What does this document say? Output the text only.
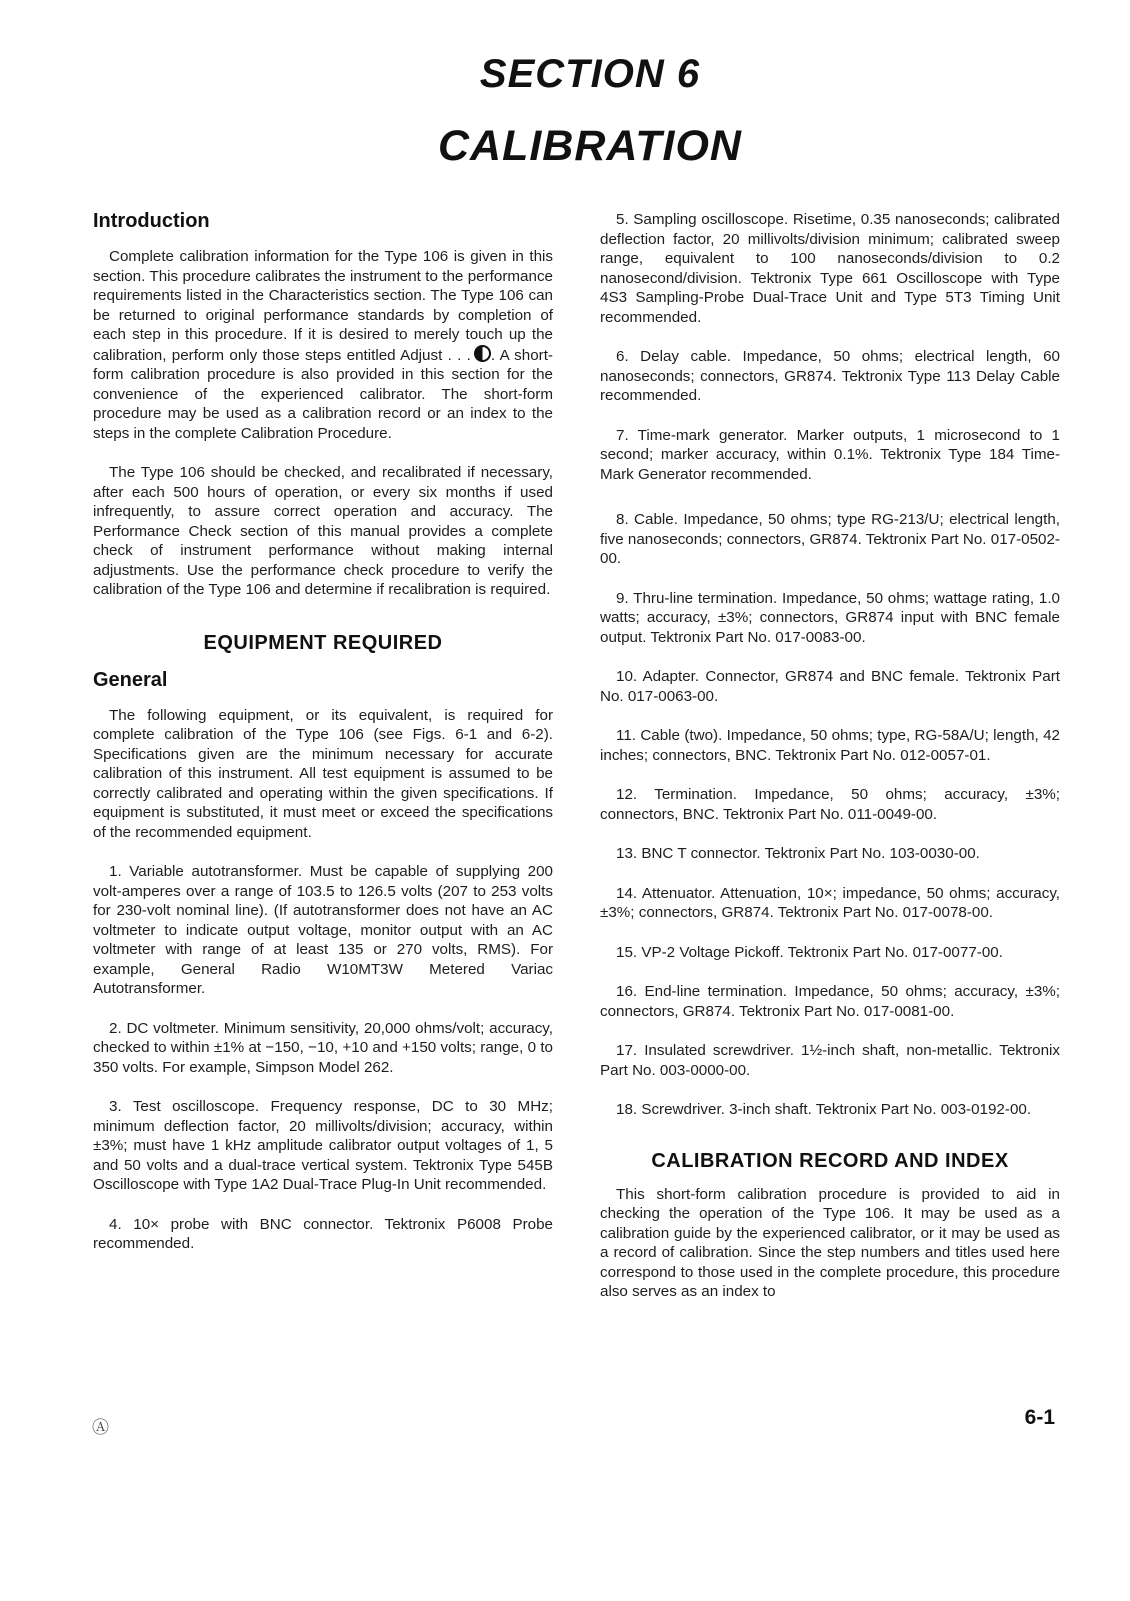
SECTION 6
CALIBRATION
Introduction

Complete calibration information for the Type 106 is given in this section. This procedure calibrates the instrument to the performance requirements listed in the Characteristics section. The Type 106 can be returned to original performance standards by completion of each step in this procedure. If it is desired to merely touch up the calibration, perform only those steps entitled Adjust . . . . A short-form calibration procedure is also provided in this section for the convenience of the experienced calibrator. The short-form procedure may be used as a calibration record or an index to the steps in the complete Calibration Procedure.

The Type 106 should be checked, and recalibrated if necessary, after each 500 hours of operation, or every six months if used infrequently, to assure correct operation and accuracy. The Performance Check section of this manual provides a complete check of instrument performance without making internal adjustments. Use the performance check procedure to verify the calibration of the Type 106 and determine if recalibration is required.

EQUIPMENT REQUIRED
General

The following equipment, or its equivalent, is required for complete calibration of the Type 106 (see Figs. 6-1 and 6-2). Specifications given are the minimum necessary for accurate calibration of this instrument. All test equipment is assumed to be correctly calibrated and operating within the given specifications. If equipment is substituted, it must meet or exceed the specifications of the recommended equipment.

1. Variable autotransformer. Must be capable of supplying 200 volt-amperes over a range of 103.5 to 126.5 volts (207 to 253 volts for 230-volt nominal line). (If autotransformer does not have an AC voltmeter to indicate output voltage, monitor output with an AC voltmeter with range of at least 135 or 270 volts, RMS). For example, General Radio W10MT3W Metered Variac Autotransformer.

2. DC voltmeter. Minimum sensitivity, 20,000 ohms/volt; accuracy, checked to within ±1% at −150, −10, +10 and +150 volts; range, 0 to 350 volts. For example, Simpson Model 262.

3. Test oscilloscope. Frequency response, DC to 30 MHz; minimum deflection factor, 20 millivolts/division; accuracy, within ±3%; must have 1 kHz amplitude calibrator output voltages of 1, 5 and 50 volts and a dual-trace vertical system. Tektronix Type 545B Oscilloscope with Type 1A2 Dual-Trace Plug-In Unit recommended.

4. 10× probe with BNC connector. Tektronix P6008 Probe recommended.

5. Sampling oscilloscope. Risetime, 0.35 nanoseconds; calibrated deflection factor, 20 millivolts/division minimum; calibrated sweep range, equivalent to 100 nanoseconds/division to 0.2 nanosecond/division. Tektronix Type 661 Oscilloscope with Type 4S3 Sampling-Probe Dual-Trace Unit and Type 5T3 Timing Unit recommended.

6. Delay cable. Impedance, 50 ohms; electrical length, 60 nanoseconds; connectors, GR874. Tektronix Type 113 Delay Cable recommended.

7. Time-mark generator. Marker outputs, 1 microsecond to 1 second; marker accuracy, within 0.1%. Tektronix Type 184 Time-Mark Generator recommended.

8. Cable. Impedance, 50 ohms; type RG-213/U; electrical length, five nanoseconds; connectors, GR874. Tektronix Part No. 017-0502-00.

9. Thru-line termination. Impedance, 50 ohms; wattage rating, 1.0 watts; accuracy, ±3%; connectors, GR874 input with BNC female output. Tektronix Part No. 017-0083-00.

10. Adapter. Connector, GR874 and BNC female. Tektronix Part No. 017-0063-00.

11. Cable (two). Impedance, 50 ohms; type, RG-58A/U; length, 42 inches; connectors, BNC. Tektronix Part No. 012-0057-01.

12. Termination. Impedance, 50 ohms; accuracy, ±3%; connectors, BNC. Tektronix Part No. 011-0049-00.

13. BNC T connector. Tektronix Part No. 103-0030-00.

14. Attenuator. Attenuation, 10×; impedance, 50 ohms; accuracy, ±3%; connectors, GR874. Tektronix Part No. 017-0078-00.

15. VP-2 Voltage Pickoff. Tektronix Part No. 017-0077-00.

16. End-line termination. Impedance, 50 ohms; accuracy, ±3%; connectors, GR874. Tektronix Part No. 017-0081-00.

17. Insulated screwdriver. 1½-inch shaft, non-metallic. Tektronix Part No. 003-0000-00.

18. Screwdriver. 3-inch shaft. Tektronix Part No. 003-0192-00.

CALIBRATION RECORD AND INDEX

This short-form calibration procedure is provided to aid in checking the operation of the Type 106. It may be used as a calibration guide by the experienced calibrator, or it may be used as a record of calibration. Since the step numbers and titles used here correspond to those used in the complete procedure, this procedure also serves as an index to

Ⓐ	6-1
